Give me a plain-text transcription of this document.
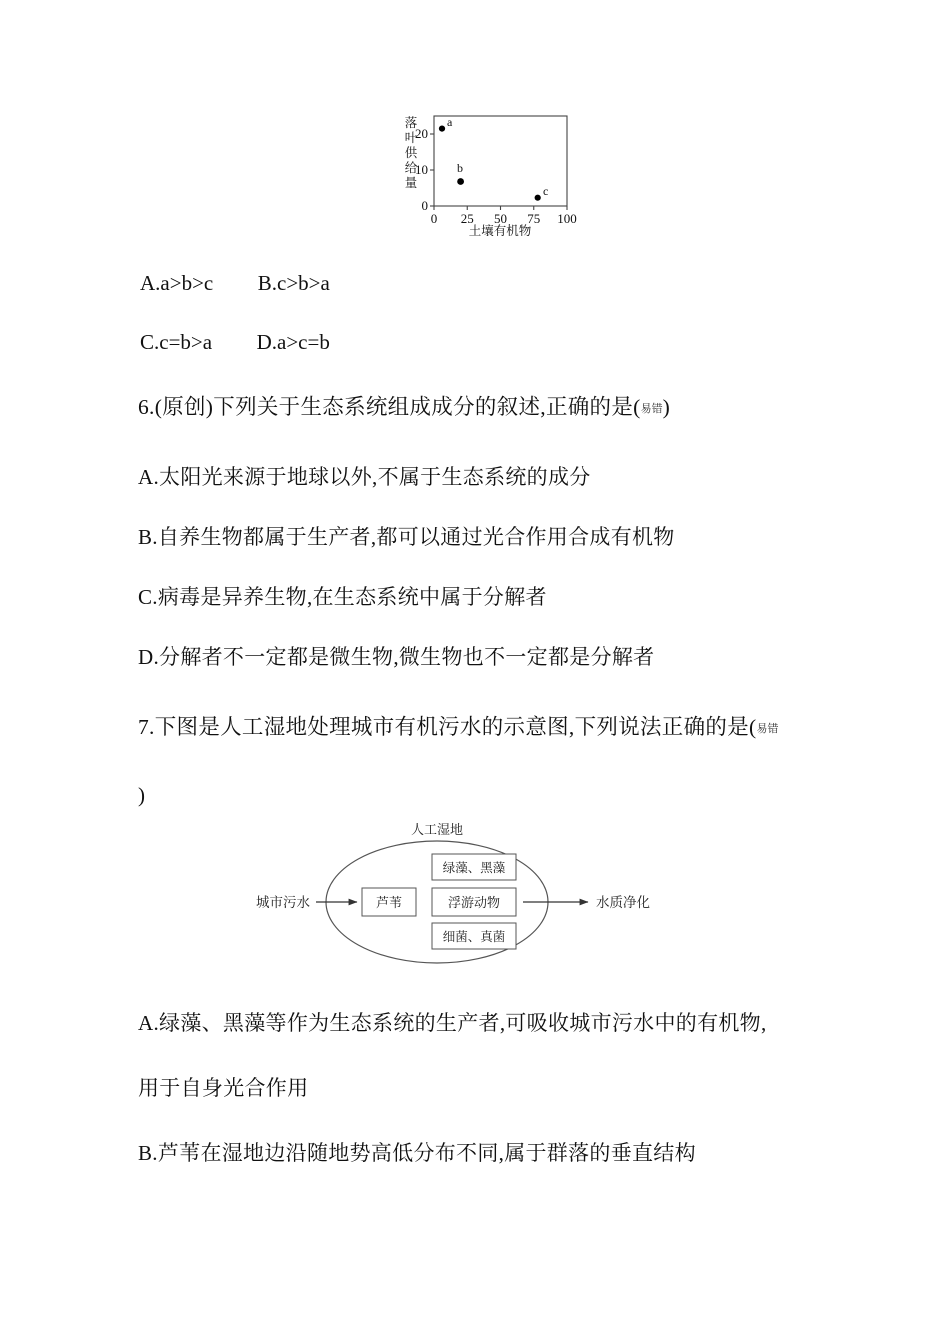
0
10
20
0 25 50 75 100
土壤有机物
落
叶
供
给
量
a
b
c
A.a>b>c B.c>b>a
C.c=b>a D.a>c=b
6.(原创)下列关于生态系统组成成分的叙述,正确的是(易错)
A.太阳光来源于地球以外,不属于生态系统的成分
B.自养生物都属于生产者,都可以通过光合作用合成有机物
C.病毒是异养生物,在生态系统中属于分解者
D.分解者不一定都是微生物,微生物也不一定都是分解者
7.下图是人工湿地处理城市有机污水的示意图,下列说法正确的是(易错
)
人工湿地
城市污水	芦苇
绿藻、黑藻
浮游动物
细菌、真菌
水质净化
A.绿藻、黑藻等作为生态系统的生产者,可吸收城市污水中的有机物,
用于自身光合作用
B.芦苇在湿地边沿随地势高低分布不同,属于群落的垂直结构
